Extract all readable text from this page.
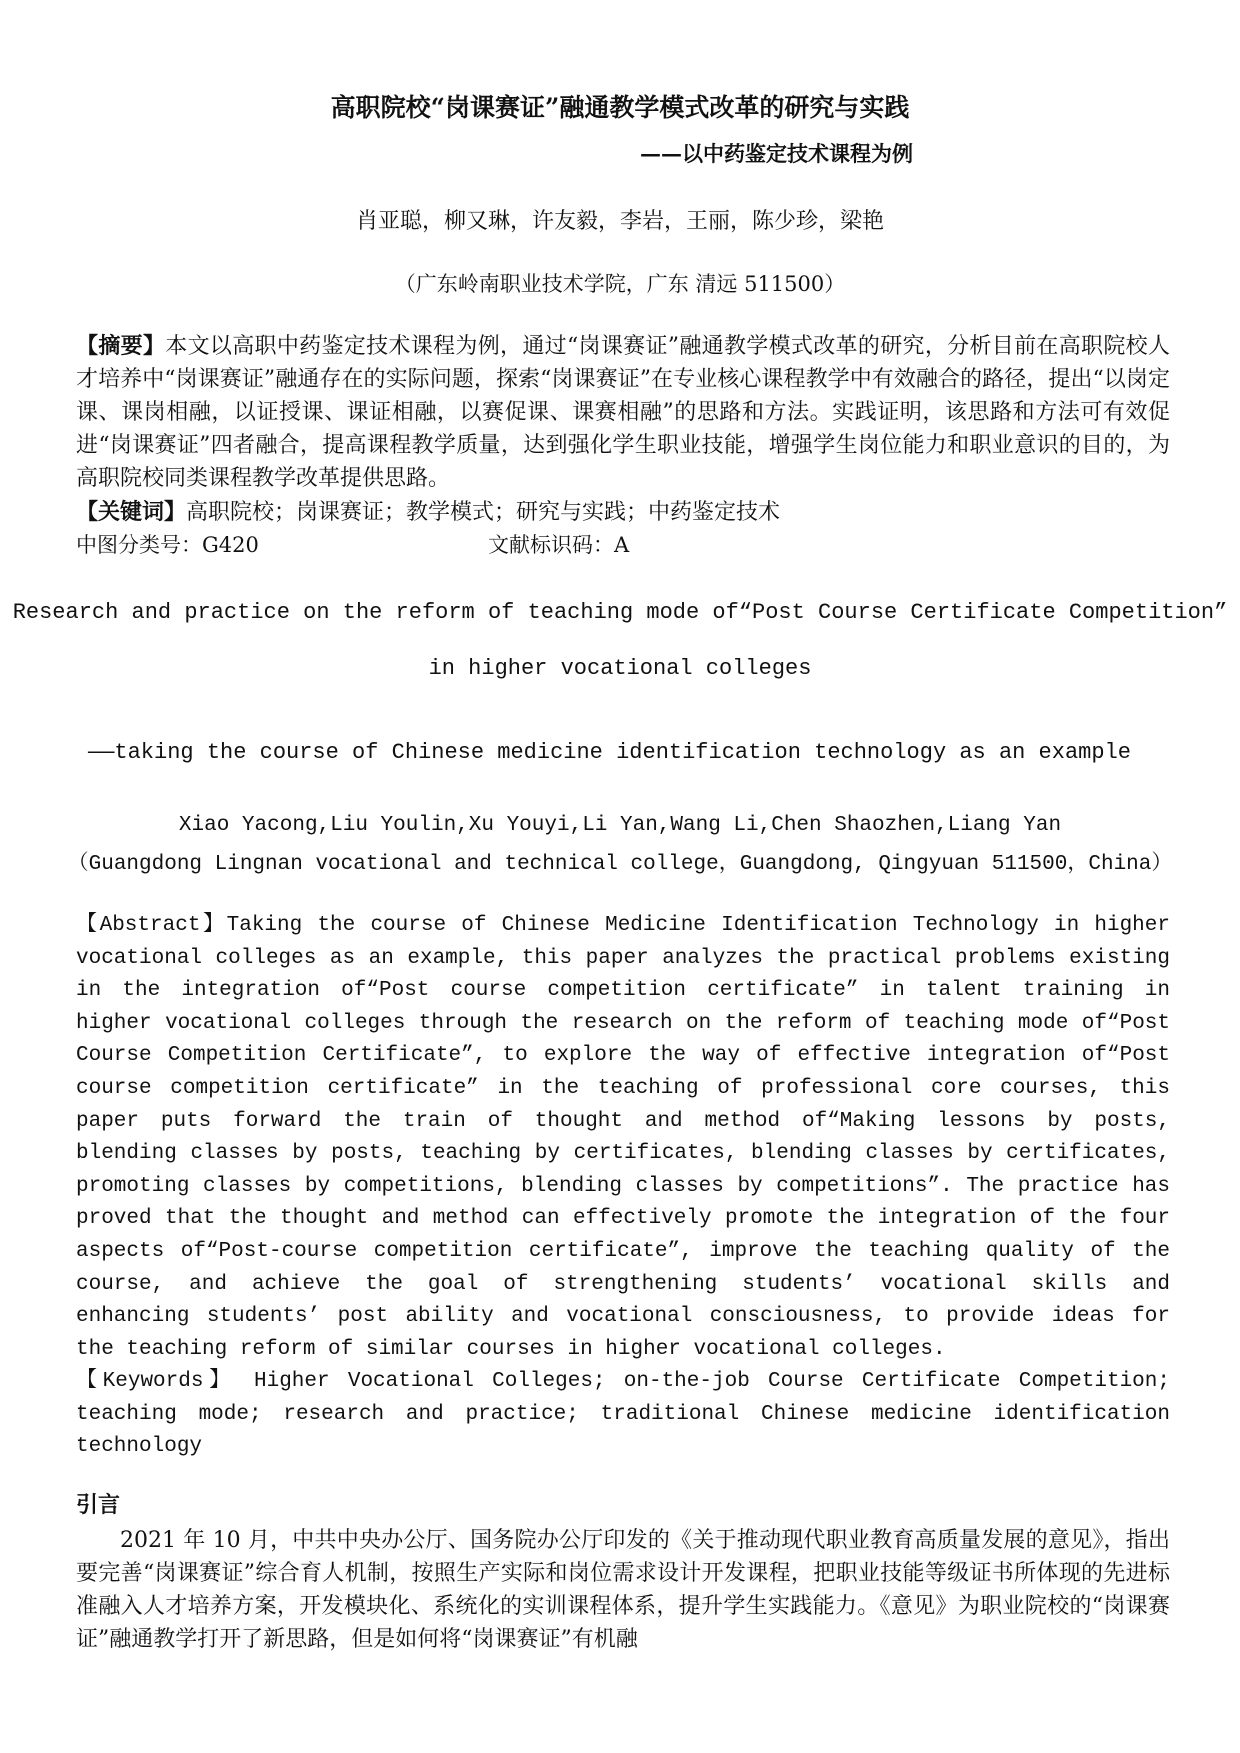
高职院校“岗课赛证”融通教学模式改革的研究与实践
——以中药鉴定技术课程为例
肖亚聪，柳又琳，许友毅，李岩，王丽，陈少珍，梁艳
（广东岭南职业技术学院，广东 清远 511500）
【摘要】本文以高职中药鉴定技术课程为例，通过“岗课赛证”融通教学模式改革的研究，分析目前在高职院校人才培养中“岗课赛证”融通存在的实际问题，探索“岗课赛证”在专业核心课程教学中有效融合的路径，提出“以岗定课、课岗相融，以证授课、课证相融，以赛促课、课赛相融”的思路和方法。实践证明，该思路和方法可有效促进“岗课赛证”四者融合，提高课程教学质量，达到强化学生职业技能，增强学生岗位能力和职业意识的目的，为高职院校同类课程教学改革提供思路。
【关键词】高职院校；岗课赛证；教学模式；研究与实践；中药鉴定技术
中图分类号：G420	文献标识码：A
Research and practice on the reform of teaching mode of“Post Course Certificate Competition”
in higher vocational colleges
——taking the course of Chinese medicine identification technology as an example
Xiao Yacong,Liu Youlin,Xu Youyi,Li Yan,Wang Li,Chen Shaozhen,Liang Yan
（Guangdong Lingnan vocational and technical college，Guangdong, Qingyuan 511500，China）
【Abstract】Taking the course of Chinese Medicine Identification Technology in higher vocational colleges as an example, this paper analyzes the practical problems existing in the integration of“Post course competition certificate” in talent training in higher vocational colleges through the research on the reform of teaching mode of“Post Course Competition Certificate”, to explore the way of effective integration of“Post course competition certificate” in the teaching of professional core courses, this paper puts forward the train of thought and method of“Making lessons by posts, blending classes by posts, teaching by certificates, blending classes by certificates, promoting classes by competitions, blending classes by competitions”. The practice has proved that the thought and method can effectively promote the integration of the four aspects of“Post-course competition certificate”, improve the teaching quality of the course, and achieve the goal of strengthening students’ vocational skills and enhancing students’ post ability and vocational consciousness, to provide ideas for the teaching reform of similar courses in higher vocational colleges.
【Keywords】 Higher Vocational Colleges; on-the-job Course Certificate Competition; teaching mode; research and practice; traditional Chinese medicine identification technology
引言
2021 年 10 月，中共中央办公厅、国务院办公厅印发的《关于推动现代职业教育高质量发展的意见》，指出要完善“岗课赛证”综合育人机制，按照生产实际和岗位需求设计开发课程，把职业技能等级证书所体现的先进标准融入人才培养方案，开发模块化、系统化的实训课程体系，提升学生实践能力。《意见》为职业院校的“岗课赛证”融通教学打开了新思路，但是如何将“岗课赛证”有机融
